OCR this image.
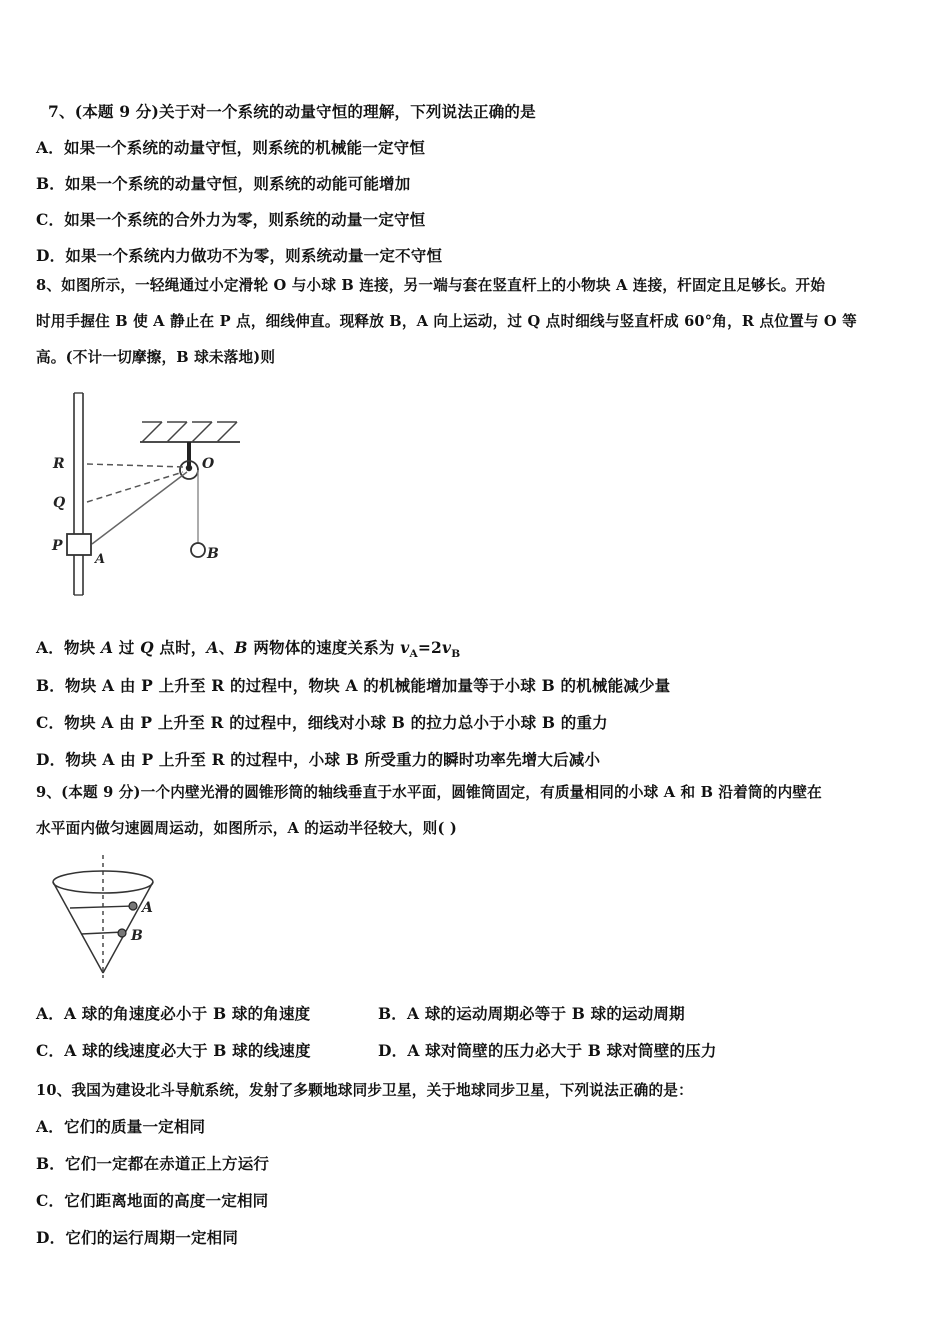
7、(本题 9 分)关于对一个系统的动量守恒的理解，下列说法正确的是
A．如果一个系统的动量守恒，则系统的机械能一定守恒
B．如果一个系统的动量守恒，则系统的动能可能增加
C．如果一个系统的合外力为零，则系统的动量一定守恒
D．如果一个系统内力做功不为零，则系统动量一定不守恒
8、如图所示，一轻绳通过小定滑轮 O 与小球 B 连接，另一端与套在竖直杆上的小物块 A 连接，杆固定且足够长。开始
时用手握住 B 使 A 静止在 P 点，细线伸直。现释放 B，A 向上运动，过 Q 点时细线与竖直杆成 60°角，R 点位置与 O 等
高。(不计一切摩擦，B 球未落地)则
R
Q
P
A
O
B
A．物块 A 过 Q 点时，A、B 两物体的速度关系为 $v_A=2v_B$
B．物块 A 由 P 上升至 R 的过程中，物块 A 的机械能增加量等于小球 B 的机械能减少量
C．物块 A 由 P 上升至 R 的过程中，细线对小球 B 的拉力总小于小球 B 的重力
D．物块 A 由 P 上升至 R 的过程中，小球 B 所受重力的瞬时功率先增大后减小
9、(本题 9 分)一个内壁光滑的圆锥形筒的轴线垂直于水平面，圆锥筒固定，有质量相同的小球 A 和 B 沿着筒的内壁在
水平面内做匀速圆周运动，如图所示，A 的运动半径较大，则( )
A
B
A．A 球的角速度必小于 B 球的角速度	B．A 球的运动周期必等于 B 球的运动周期
C．A 球的线速度必大于 B 球的线速度	D．A 球对筒壁的压力必大于 B 球对筒壁的压力
10、我国为建设北斗导航系统，发射了多颗地球同步卫星，关于地球同步卫星，下列说法正确的是：
A．它们的质量一定相同
B．它们一定都在赤道正上方运行
C．它们距离地面的高度一定相同
D．它们的运行周期一定相同
